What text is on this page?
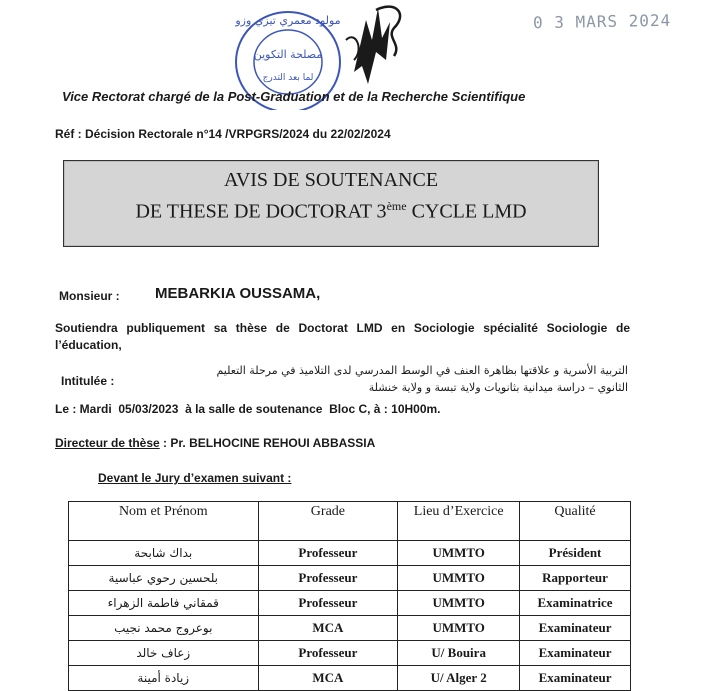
0 3 MARS 2024
مصلحة التكوين
مولود معمري تيزي وزو
لما بعد التدرج
Vice Rectorat chargé de la Post-Graduation et de la Recherche Scientifique
Réf : Décision Rectorale n°14 /VRPGRS/2024 du 22/02/2024
AVIS DE SOUTENANCE
DE THESE DE DOCTORAT 3ème CYCLE LMD
Monsieur : MEBARKIA OUSSAMA,
Soutiendra publiquement sa thèse de Doctorat LMD en Sociologie spécialité Sociologie de l’éducation,
Intitulée :
التربية الأسرية و علاقتها بظاهرة العنف في الوسط المدرسي لدى التلاميذ في مرحلة التعليم الثانوي – دراسة ميدانية بثانويات ولاية تبسة و ولاية خنشلة
Le : Mardi  05/03/2023  à la salle de soutenance  Bloc C, à : 10H00m.
Directeur de thèse : Pr. BELHOCINE REHOUI ABBASSIA
Devant le Jury d’examen suivant :
Nom et Prénom	Grade	Lieu d’Exercice	Qualité
بداك شابحة	Professeur	UMMTO	Président
بلحسين رحوي عباسية	Professeur	UMMTO	Rapporteur
قمقاني فاطمة الزهراء	Professeur	UMMTO	Examinatrice
بوعروج محمد نجيب	MCA	UMMTO	Examinateur
زعاف خالد	Professeur	U/ Bouira	Examinateur
زيادة أمينة	MCA	U/ Alger 2	Examinateur
